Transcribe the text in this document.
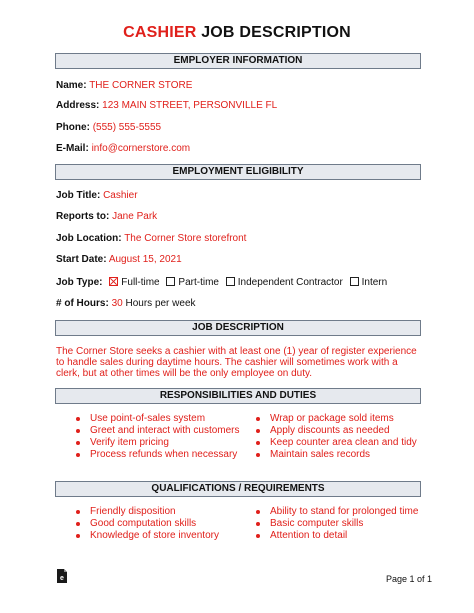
CASHIER JOB DESCRIPTION
EMPLOYER INFORMATION
Name: THE CORNER STORE
Address: 123 MAIN STREET, PERSONVILLE FL
Phone: (555) 555-5555
E-Mail: info@cornerstore.com
EMPLOYMENT ELIGIBILITY
Job Title: Cashier
Reports to: Jane Park
Job Location: The Corner Store storefront
Start Date: August 15, 2021
Job Type: Full-time Part-time Independent Contractor Intern
# of Hours: 30 Hours per week
JOB DESCRIPTION
The Corner Store seeks a cashier with at least one (1) year of register experience to handle sales during daytime hours. The cashier will sometimes work with a clerk, but at other times will be the only employee on duty.
RESPONSIBILITIES AND DUTIES
Use point-of-sales system
Greet and interact with customers
Verify item pricing
Process refunds when necessary
Wrap or package sold items
Apply discounts as needed
Keep counter area clean and tidy
Maintain sales records
QUALIFICATIONS / REQUIREMENTS
Friendly disposition
Good computation skills
Knowledge of store inventory
Ability to stand for prolonged time
Basic computer skills
Attention to detail
e	Page 1 of 1
